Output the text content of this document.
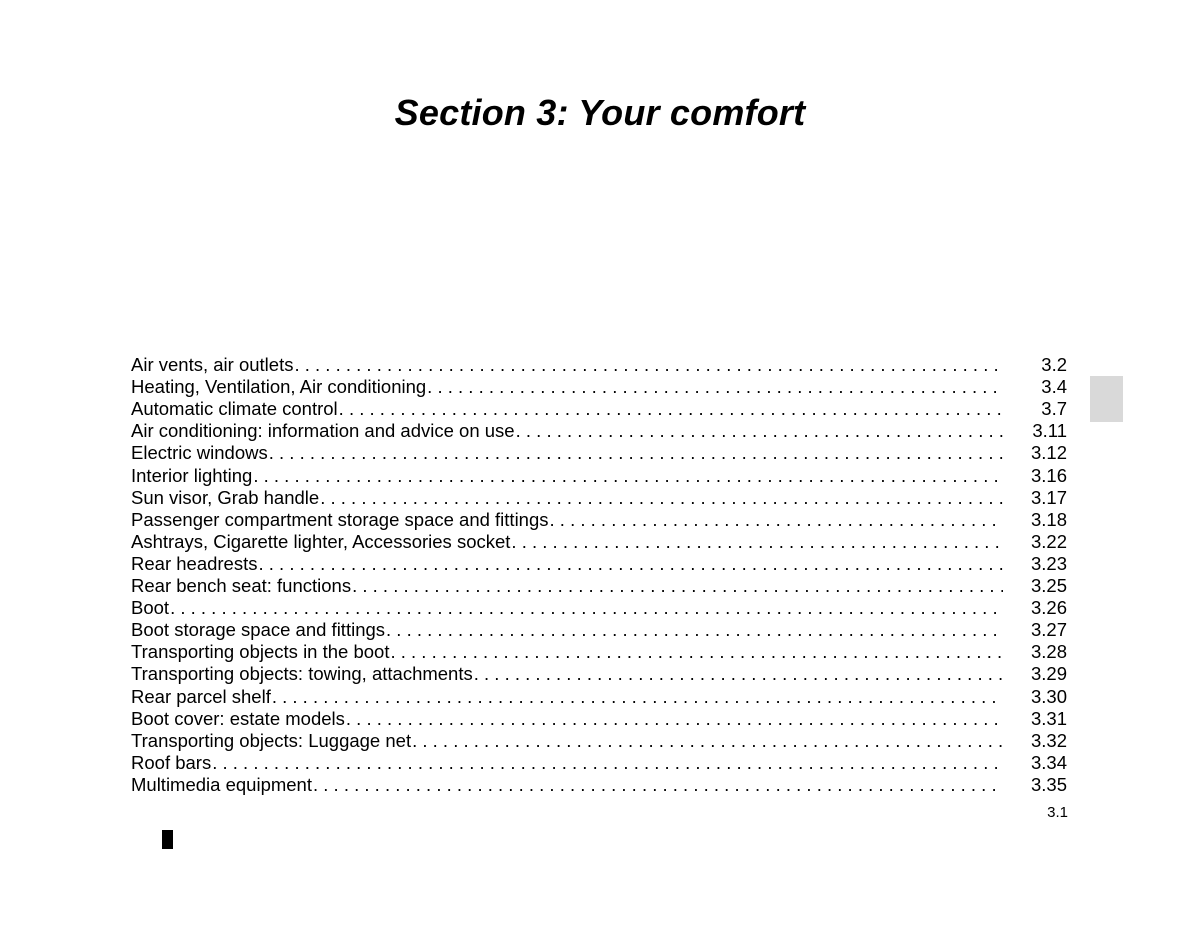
Section 3: Your comfort
Air vents, air outlets . . .	3.2
Heating, Ventilation, Air conditioning . . .	3.4
Automatic climate control . . .	3.7
Air conditioning: information and advice on use . . .	3.11
Electric windows . . .	3.12
Interior lighting . . .	3.16
Sun visor, Grab handle . . .	3.17
Passenger compartment storage space and fittings . . .	3.18
Ashtrays, Cigarette lighter, Accessories socket . . .	3.22
Rear headrests . . .	3.23
Rear bench seat: functions . . .	3.25
Boot . . .	3.26
Boot storage space and fittings . . .	3.27
Transporting objects in the boot . . .	3.28
Transporting objects: towing, attachments . . .	3.29
Rear parcel shelf . . .	3.30
Boot cover: estate models . . .	3.31
Transporting objects: Luggage net . . .	3.32
Roof bars . . .	3.34
Multimedia equipment . . .	3.35
3.1
